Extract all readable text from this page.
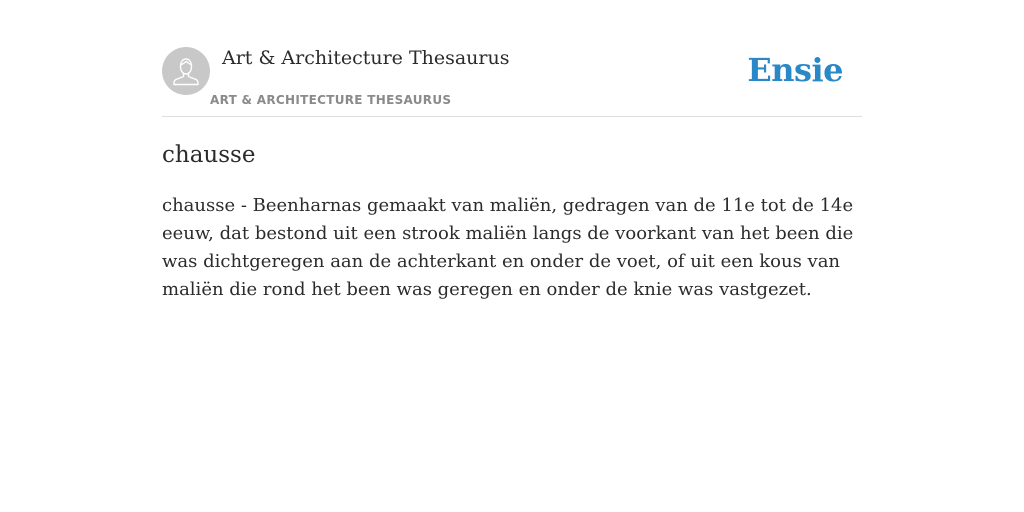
Art & Architecture Thesaurus
ART & ARCHITECTURE THESAURUS
Ensie
chausse

chausse - Beenharnas gemaakt van maliën, gedragen van de 11e tot de 14e eeuw, dat bestond uit een strook maliën langs de voorkant van het been die was dichtgeregen aan de achterkant en onder de voet, of uit een kous van maliën die rond het been was geregen en onder de knie was vastgezet.
